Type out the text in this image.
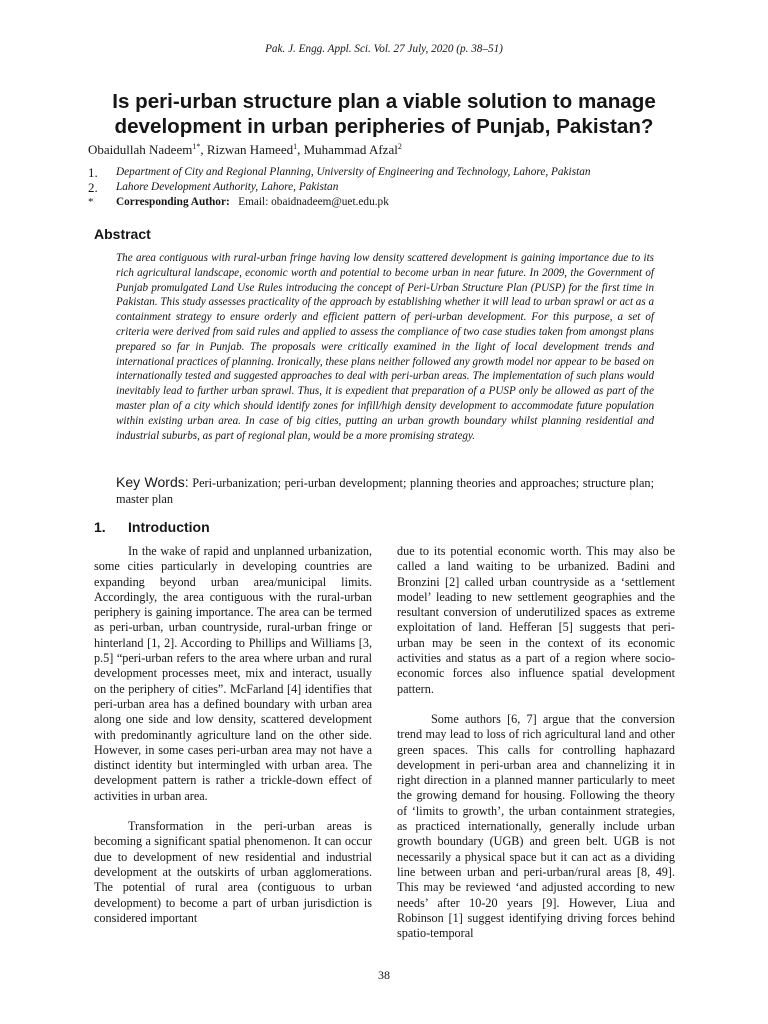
Pak. J. Engg. Appl. Sci. Vol. 27 July, 2020 (p. 38–51)
Is peri-urban structure plan a viable solution to manage development in urban peripheries of Punjab, Pakistan?
Obaidullah Nadeem$^{1*}$, Rizwan Hameed$^1$, Muhammad Afzal$^2$
1. Department of City and Regional Planning, University of Engineering and Technology, Lahore, Pakistan
2. Lahore Development Authority, Lahore, Pakistan
* Corresponding Author: Email: obaidnadeem@uet.edu.pk
Abstract

The area contiguous with rural-urban fringe having low density scattered development is gaining importance due to its rich agricultural landscape, economic worth and potential to become urban in near future. In 2009, the Government of Punjab promulgated Land Use Rules introducing the concept of Peri-Urban Structure Plan (PUSP) for the first time in Pakistan. This study assesses practicality of the approach by establishing whether it will lead to urban sprawl or act as a containment strategy to ensure orderly and efficient pattern of peri-urban development. For this purpose, a set of criteria were derived from said rules and applied to assess the compliance of two case studies taken from amongst plans prepared so far in Punjab. The proposals were critically examined in the light of local development trends and international practices of planning. Ironically, these plans neither followed any growth model nor appear to be based on internationally tested and suggested approaches to deal with peri-urban areas. The implementation of such plans would inevitably lead to further urban sprawl. Thus, it is expedient that preparation of a PUSP only be allowed as part of the master plan of a city which should identify zones for infill/high density development to accommodate future population within existing urban area. In case of big cities, putting an urban growth boundary whilst planning residential and industrial suburbs, as part of regional plan, would be a more promising strategy.

Key Words: Peri-urbanization; peri-urban development; planning theories and approaches; structure plan; master plan

1. Introduction

In the wake of rapid and unplanned urbanization, some cities particularly in developing countries are expanding beyond urban area/municipal limits. Accordingly, the area contiguous with the rural-urban periphery is gaining importance. The area can be termed as peri-urban, urban countryside, rural-urban fringe or hinterland [1, 2]. According to Phillips and Williams [3, p.5] “peri-urban refers to the area where urban and rural development processes meet, mix and interact, usually on the periphery of cities”. McFarland [4] identifies that peri-urban area has a defined boundary with urban area along one side and low density, scattered development with predominantly agriculture land on the other side. However, in some cases peri-urban area may not have a distinct identity but intermingled with urban area. The development pattern is rather a trickle-down effect of activities in urban area.

Transformation in the peri-urban areas is becoming a significant spatial phenomenon. It can occur due to development of new residential and industrial development at the outskirts of urban agglomerations. The potential of rural area (contiguous to urban development) to become a part of urban jurisdiction is considered important

due to its potential economic worth. This may also be called a land waiting to be urbanized. Badini and Bronzini [2] called urban countryside as a ‘settlement model’ leading to new settlement geographies and the resultant conversion of underutilized spaces as extreme exploitation of land. Hefferan [5] suggests that peri-urban may be seen in the context of its economic activities and status as a part of a region where socio-economic forces also influence spatial development pattern.

Some authors [6, 7] argue that the conversion trend may lead to loss of rich agricultural land and other green spaces. This calls for controlling haphazard development in peri-urban area and channelizing it in right direction in a planned manner particularly to meet the growing demand for housing. Following the theory of ‘limits to growth’, the urban containment strategies, as practiced internationally, generally include urban growth boundary (UGB) and green belt. UGB is not necessarily a physical space but it can act as a dividing line between urban and peri-urban/rural areas [8, 49]. This may be reviewed ‘and adjusted according to new needs’ after 10-20 years [9]. However, Liua and Robinson [1] suggest identifying driving forces behind spatio-temporal

38
